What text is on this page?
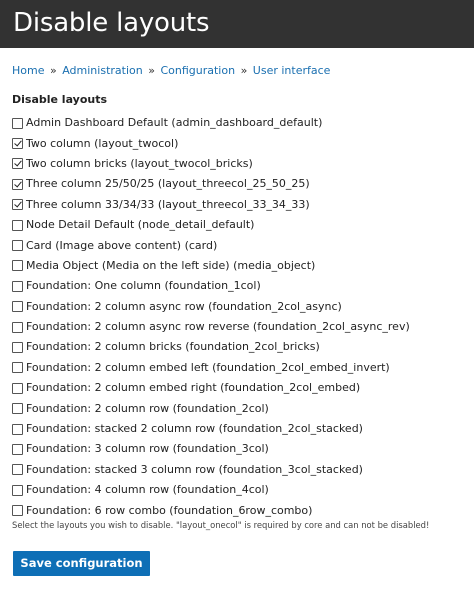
Disable layouts
Home » Administration » Configuration » User interface
Disable layouts
Admin Dashboard Default (admin_dashboard_default)
Two column (layout_twocol)
Two column bricks (layout_twocol_bricks)
Three column 25/50/25 (layout_threecol_25_50_25)
Three column 33/34/33 (layout_threecol_33_34_33)
Node Detail Default (node_detail_default)
Card (Image above content) (card)
Media Object (Media on the left side) (media_object)
Foundation: One column (foundation_1col)
Foundation: 2 column async row (foundation_2col_async)
Foundation: 2 column async row reverse (foundation_2col_async_rev)
Foundation: 2 column bricks (foundation_2col_bricks)
Foundation: 2 column embed left (foundation_2col_embed_invert)
Foundation: 2 column embed right (foundation_2col_embed)
Foundation: 2 column row (foundation_2col)
Foundation: stacked 2 column row (foundation_2col_stacked)
Foundation: 3 column row (foundation_3col)
Foundation: stacked 3 column row (foundation_3col_stacked)
Foundation: 4 column row (foundation_4col)
Foundation: 6 row combo (foundation_6row_combo)
Select the layouts you wish to disable. "layout_onecol" is required by core and can not be disabled!
Save configuration
